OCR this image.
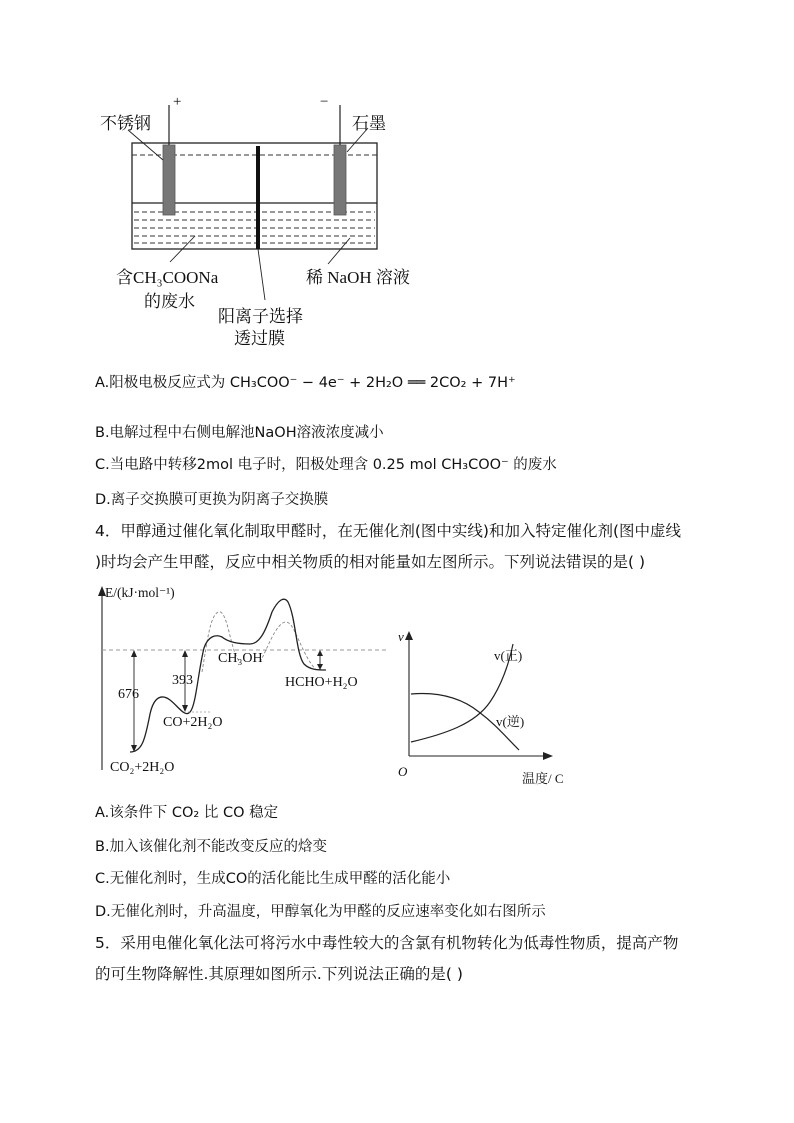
不锈钢
+
石墨
−
含CH₃COONa
的废水
稀 NaOH 溶液
阳离子选择
透过膜
A.阳极电极反应式为 CH₃COO⁻ − 4e⁻ + 2H₂O ══ 2CO₂ + 7H⁺
B.电解过程中右侧电解池NaOH溶液浓度减小
C.当电路中转移2mol 电子时，阳极处理含 0.25 mol CH₃COO⁻ 的废水
D.离子交换膜可更换为阴离子交换膜
4．甲醇通过催化氧化制取甲醛时，在无催化剂(图中实线)和加入特定催化剂(图中虚线
)时均会产生甲醛，反应中相关物质的相对能量如左图所示。下列说法错误的是( )
E/(kJ·mol⁻¹)
676
393
CO₂+2H₂O
CO+2H₂O
CH₃OH
HCHO+H₂O
v
O	温度/ C
v(正)
v(逆)
A.该条件下 CO₂ 比 CO 稳定
B.加入该催化剂不能改变反应的焓变
C.无催化剂时，生成CO的活化能比生成甲醛的活化能小
D.无催化剂时，升高温度，甲醇氧化为甲醛的反应速率变化如右图所示
5．采用电催化氧化法可将污水中毒性较大的含氯有机物转化为低毒性物质，提高产物
的可生物降解性.其原理如图所示.下列说法正确的是( )
